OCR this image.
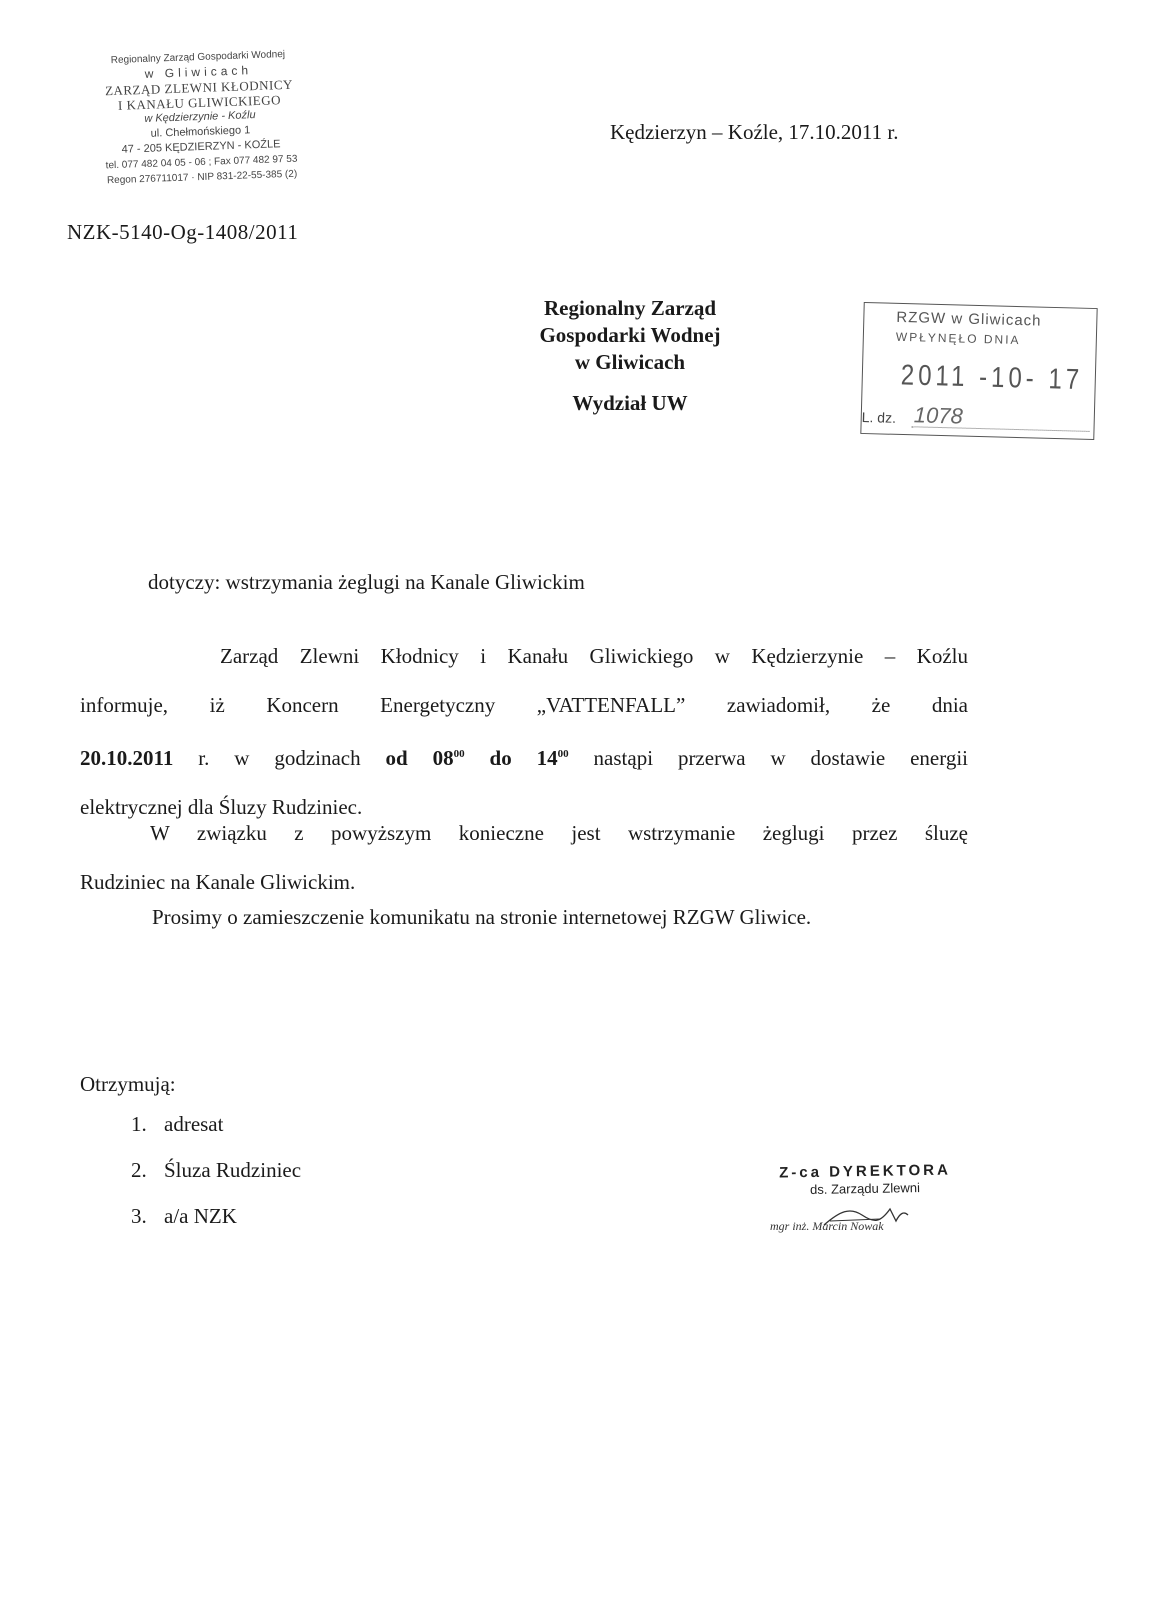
Regionalny Zarząd Gospodarki Wodnej
w Gliwicach
ZARZĄD ZLEWNI KŁODNICY
I KANAŁU GLIWICKIEGO
w Kędzierzynie - Koźlu
ul. Chełmońskiego 1
47 - 205 KĘDZIERZYN - KOŹLE
tel. 077 482 04 05 - 06 ; Fax 077 482 97 53
Regon 276711017 · NIP 831-22-55-385 (2)
NZK-5140-Og-1408/2011
Kędzierzyn – Koźle, 17.10.2011 r.
Regionalny Zarząd
Gospodarki Wodnej
w Gliwicach
Wydział UW
RZGW w Gliwicach
WPŁYNĘŁO DNIA
2011 -10- 17
L. dz. 1078
dotyczy: wstrzymania żeglugi na Kanale Gliwickim
Zarząd Zlewni Kłodnicy i Kanału Gliwickiego w Kędzierzynie – Koźlu
informuje, iż Koncern Energetyczny „VATTENFALL” zawiadomił, że dnia
20.10.2011 r. w godzinach od $08^{00}$ do $14^{00}$ nastąpi przerwa w dostawie energii
elektrycznej dla Śluzy Rudziniec.
W związku z powyższym konieczne jest wstrzymanie żeglugi przez śluzę
Rudziniec na Kanale Gliwickim.
Prosimy o zamieszczenie komunikatu na stronie internetowej RZGW Gliwice.
Otrzymują:
1. adresat
2. Śluza Rudziniec
3. a/a NZK
Z-ca DYREKTORA
ds. Zarządu Zlewni
mgr inż. Marcin Nowak
